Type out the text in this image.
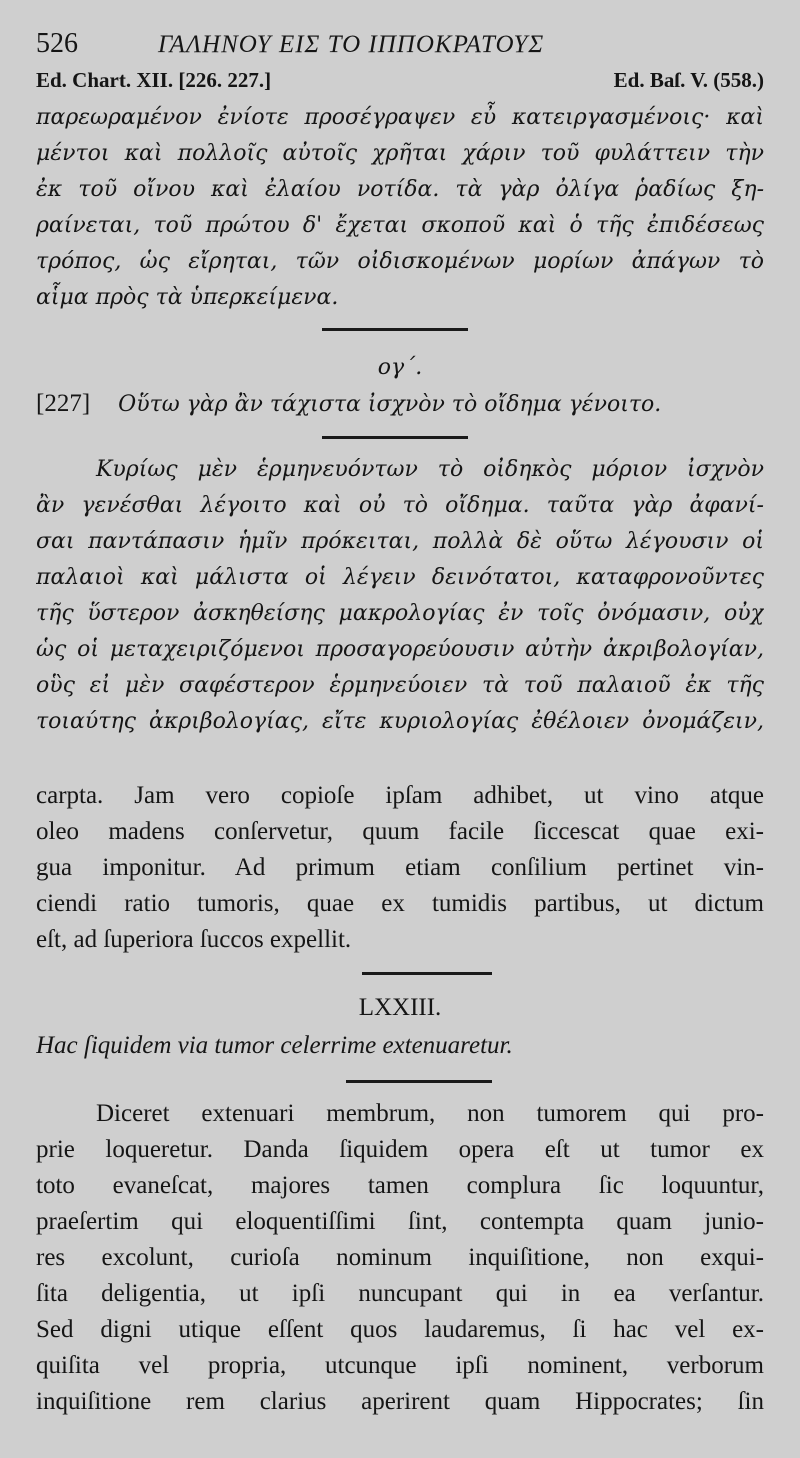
526	ΓΑΛΗΝΟΥ ΕΙΣ ΤΟ ΙΠΠΟΚΡΑΤΟΥΣ
Ed. Chart. XII. [226. 227.]	Ed. Baſ. V. (558.)
παρεωραμένον ἐνίοτε προσέγραψεν εὖ κατειργασμένοις· καὶ
μέντοι καὶ πολλοῖς αὐτοῖς χρῆται χάριν τοῦ φυλάττειν τὴν
ἐκ τοῦ οἴνου καὶ ἐλαίου νοτίδα. τὰ γὰρ ὀλίγα ῥαδίως ξη-
ραίνεται, τοῦ πρώτου δ' ἔχεται σκοποῦ καὶ ὁ τῆς ἐπιδέσεως
τρόπος, ὡς εἴρηται, τῶν οἰδισκομένων μορίων ἀπάγων τὸ
αἷμα πρὸς τὰ ὑπερκείμενα.
ογ΄.
[227] Οὕτω γὰρ ἂν τάχιστα ἰσχνὸν τὸ οἴδημα γένοιτο.
Κυρίως μὲν ἑρμηνευόντων τὸ οἰδηκὸς μόριον ἰσχνὸν
ἂν γενέσθαι λέγοιτο καὶ οὐ τὸ οἴδημα. ταῦτα γὰρ ἀφανί-
σαι παντάπασιν ἡμῖν πρόκειται, πολλὰ δὲ οὕτω λέγουσιν οἱ
παλαιοὶ καὶ μάλιστα οἱ λέγειν δεινότατοι, καταφρονοῦντες
τῆς ὕστερον ἀσκηθείσης μακρολογίας ἐν τοῖς ὀνόμασιν, οὐχ
ὡς οἱ μεταχειριζόμενοι προσαγορεύουσιν αὐτὴν ἀκριβολογίαν,
οὓς εἰ μὲν σαφέστερον ἑρμηνεύοιεν τὰ τοῦ παλαιοῦ ἐκ τῆς
τοιαύτης ἀκριβολογίας, εἴτε κυριολογίας ἐθέλοιεν ὀνομάζειν,
carpta. Jam vero copioſe ipſam adhibet, ut vino atque
oleo madens conſervetur, quum facile ſiccescat quae exi-
gua imponitur. Ad primum etiam conſilium pertinet vin-
ciendi ratio tumoris, quae ex tumidis partibus, ut dictum
eſt, ad ſuperiora ſuccos expellit.
LXXIII.
Hac ſiquidem via tumor celerrime extenuaretur.
Diceret extenuari membrum, non tumorem qui pro-
prie loqueretur. Danda ſiquidem opera eſt ut tumor ex
toto evaneſcat, majores tamen complura ſic loquuntur,
praeſertim qui eloquentiſſimi ſint, contempta quam junio-
res excolunt, curioſa nominum inquiſitione, non exqui-
ſita deligentia, ut ipſi nuncupant qui in ea verſantur.
Sed digni utique eſſent quos laudaremus, ſi hac vel ex-
quiſita vel propria, utcunque ipſi nominent, verborum
inquiſitione rem clarius aperirent quam Hippocrates; ſin
